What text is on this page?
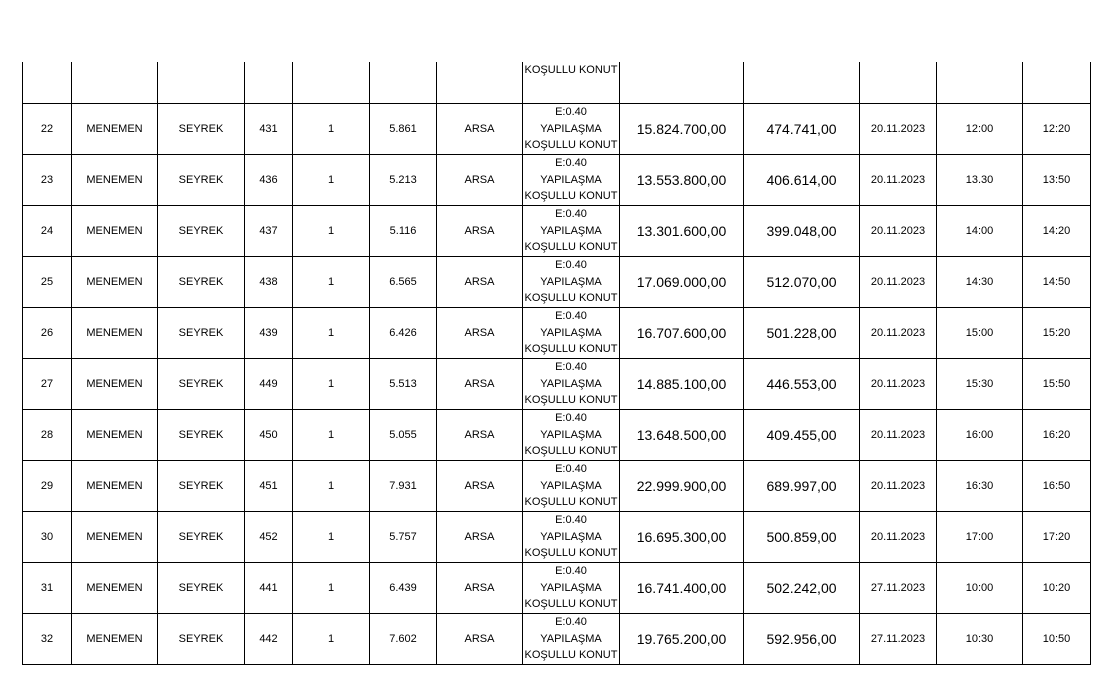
							KOŞULLU KONUT					

22	MENEMEN	SEYREK	431	1	5.861	ARSA	E:0.40
YAPILAŞMA
KOŞULLU KONUT	15.824.700,00	474.741,00	20.11.2023	12:00	12:20
23	MENEMEN	SEYREK	436	1	5.213	ARSA	E:0.40
YAPILAŞMA
KOŞULLU KONUT	13.553.800,00	406.614,00	20.11.2023	13.30	13:50
24	MENEMEN	SEYREK	437	1	5.116	ARSA	E:0.40
YAPILAŞMA
KOŞULLU KONUT	13.301.600,00	399.048,00	20.11.2023	14:00	14:20
25	MENEMEN	SEYREK	438	1	6.565	ARSA	E:0.40
YAPILAŞMA
KOŞULLU KONUT	17.069.000,00	512.070,00	20.11.2023	14:30	14:50
26	MENEMEN	SEYREK	439	1	6.426	ARSA	E:0.40
YAPILAŞMA
KOŞULLU KONUT	16.707.600,00	501.228,00	20.11.2023	15:00	15:20
27	MENEMEN	SEYREK	449	1	5.513	ARSA	E:0.40
YAPILAŞMA
KOŞULLU KONUT	14.885.100,00	446.553,00	20.11.2023	15:30	15:50
28	MENEMEN	SEYREK	450	1	5.055	ARSA	E:0.40
YAPILAŞMA
KOŞULLU KONUT	13.648.500,00	409.455,00	20.11.2023	16:00	16:20
29	MENEMEN	SEYREK	451	1	7.931	ARSA	E:0.40
YAPILAŞMA
KOŞULLU KONUT	22.999.900,00	689.997,00	20.11.2023	16:30	16:50
30	MENEMEN	SEYREK	452	1	5.757	ARSA	E:0.40
YAPILAŞMA
KOŞULLU KONUT	16.695.300,00	500.859,00	20.11.2023	17:00	17:20
31	MENEMEN	SEYREK	441	1	6.439	ARSA	E:0.40
YAPILAŞMA
KOŞULLU KONUT	16.741.400,00	502.242,00	27.11.2023	10:00	10:20
32	MENEMEN	SEYREK	442	1	7.602	ARSA	E:0.40
YAPILAŞMA
KOŞULLU KONUT	19.765.200,00	592.956,00	27.11.2023	10:30	10:50
